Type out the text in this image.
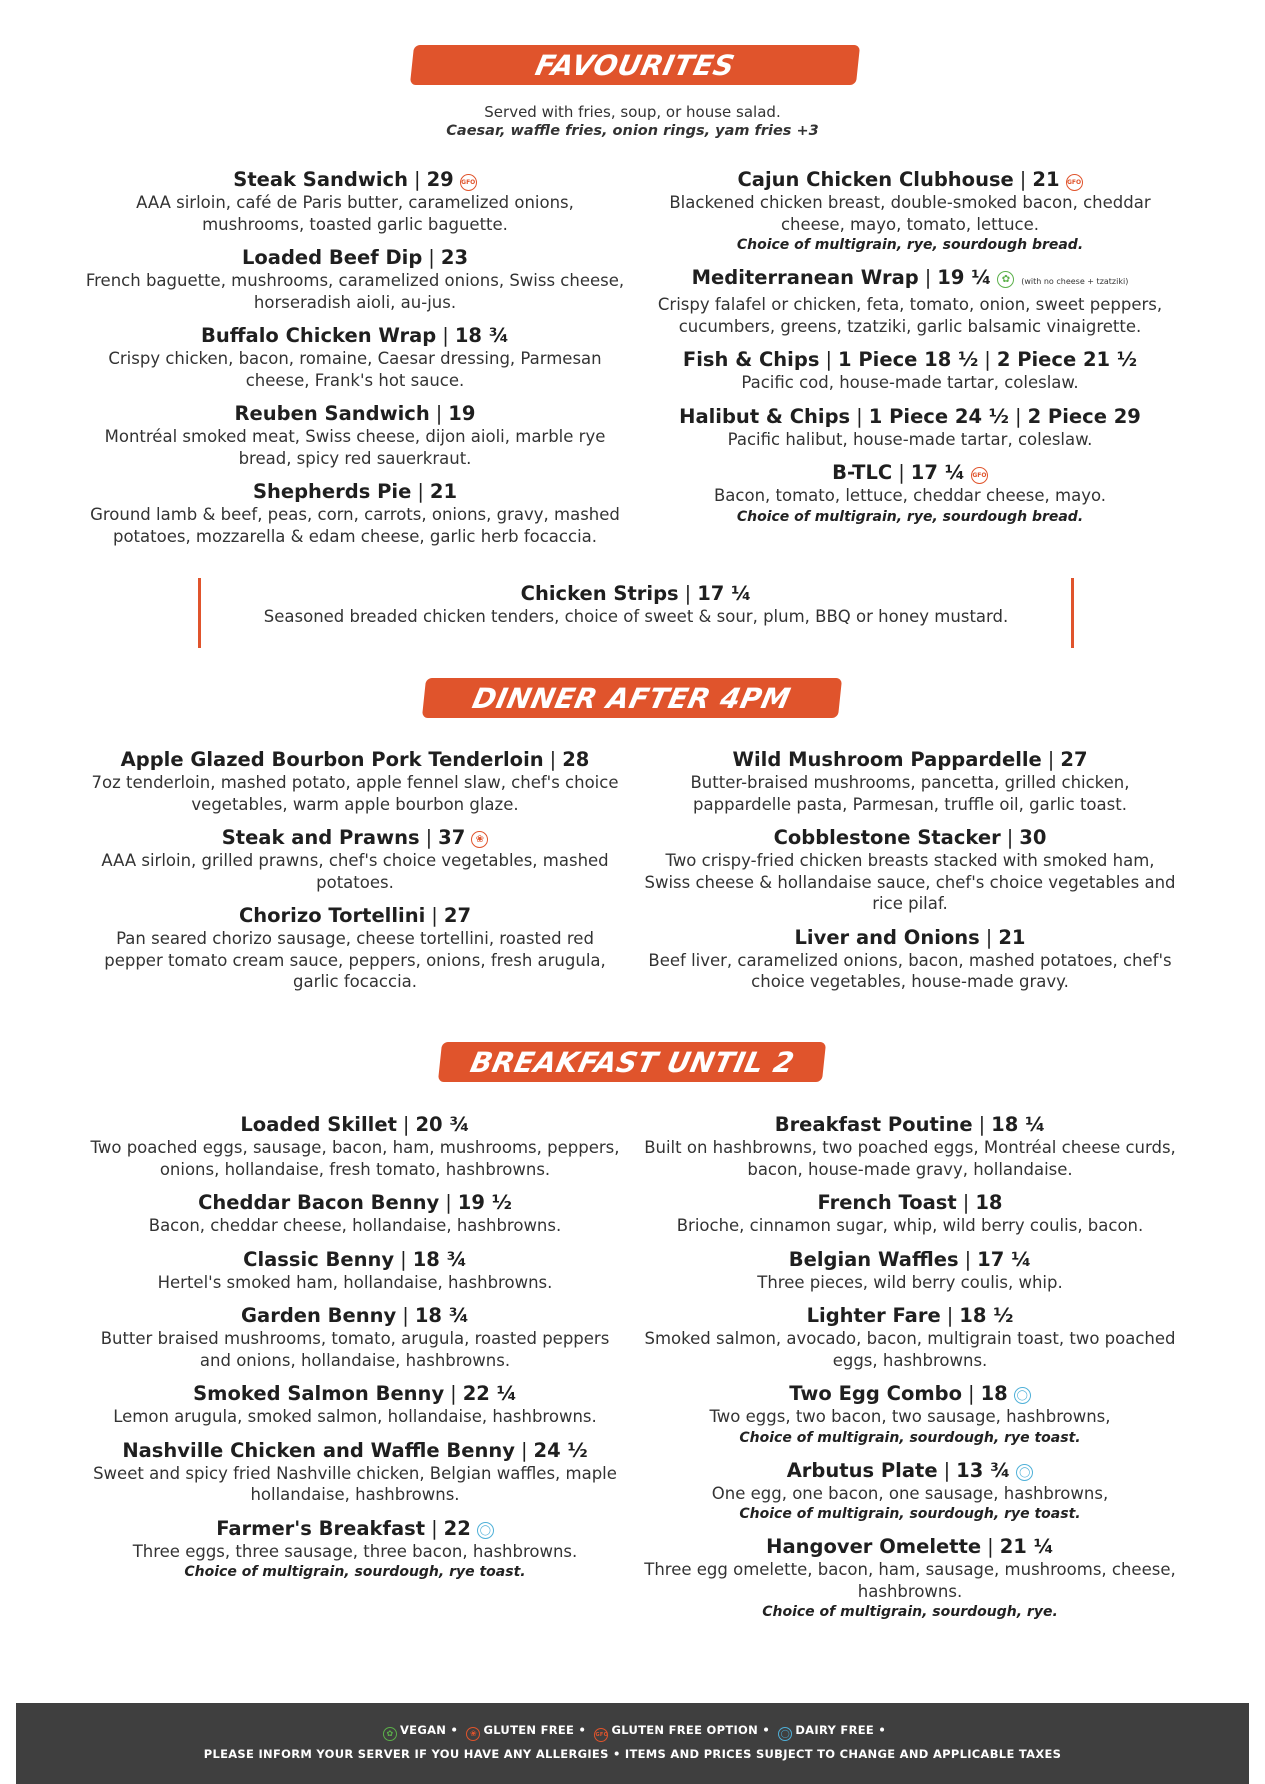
FAVOURITES
Served with fries, soup, or house salad.
Caesar, waffle fries, onion rings, yam fries +3
Steak Sandwich | 29 GFO
AAA sirloin, café de Paris butter, caramelized onions, mushrooms, toasted garlic baguette.
Loaded Beef Dip | 23
French baguette, mushrooms, caramelized onions, Swiss cheese, horseradish aioli, au-jus.
Buffalo Chicken Wrap | 18 ¾
Crispy chicken, bacon, romaine, Caesar dressing, Parmesan cheese, Frank's hot sauce.
Reuben Sandwich | 19
Montréal smoked meat, Swiss cheese, dijon aioli, marble rye bread, spicy red sauerkraut.
Shepherds Pie | 21
Ground lamb & beef, peas, corn, carrots, onions, gravy, mashed potatoes, mozzarella & edam cheese, garlic herb focaccia.
Cajun Chicken Clubhouse | 21 GFO
Blackened chicken breast, double-smoked bacon, cheddar cheese, mayo, tomato, lettuce.
Choice of multigrain, rye, sourdough bread.
Mediterranean Wrap | 19 ¼ ✿ (with no cheese + tzatziki)
Crispy falafel or chicken, feta, tomato, onion, sweet peppers, cucumbers, greens, tzatziki, garlic balsamic vinaigrette.
Fish & Chips | 1 Piece 18 ½ | 2 Piece 21 ½
Pacific cod, house-made tartar, coleslaw.
Halibut & Chips | 1 Piece 24 ½ | 2 Piece 29
Pacific halibut, house-made tartar, coleslaw.
B-TLC | 17 ¼ GFO
Bacon, tomato, lettuce, cheddar cheese, mayo.
Choice of multigrain, rye, sourdough bread.
Chicken Strips | 17 ¼
Seasoned breaded chicken tenders, choice of sweet & sour, plum, BBQ or honey mustard.
DINNER AFTER 4PM
Apple Glazed Bourbon Pork Tenderloin | 28
7oz tenderloin, mashed potato, apple fennel slaw, chef's choice vegetables, warm apple bourbon glaze.
Steak and Prawns | 37 ❀
AAA sirloin, grilled prawns, chef's choice vegetables, mashed potatoes.
Chorizo Tortellini | 27
Pan seared chorizo sausage, cheese tortellini, roasted red pepper tomato cream sauce, peppers, onions, fresh arugula, garlic focaccia.
Wild Mushroom Pappardelle | 27
Butter-braised mushrooms, pancetta, grilled chicken, pappardelle pasta, Parmesan, truffle oil, garlic toast.
Cobblestone Stacker | 30
Two crispy-fried chicken breasts stacked with smoked ham, Swiss cheese & hollandaise sauce, chef's choice vegetables and rice pilaf.
Liver and Onions | 21
Beef liver, caramelized onions, bacon, mashed potatoes, chef's choice vegetables, house-made gravy.
BREAKFAST UNTIL 2
Loaded Skillet | 20 ¾
Two poached eggs, sausage, bacon, ham, mushrooms, peppers, onions, hollandaise, fresh tomato, hashbrowns.
Cheddar Bacon Benny | 19 ½
Bacon, cheddar cheese, hollandaise, hashbrowns.
Classic Benny | 18 ¾
Hertel's smoked ham, hollandaise, hashbrowns.
Garden Benny | 18 ¾
Butter braised mushrooms, tomato, arugula, roasted peppers and onions, hollandaise, hashbrowns.
Smoked Salmon Benny | 22 ¼
Lemon arugula, smoked salmon, hollandaise, hashbrowns.
Nashville Chicken and Waffle Benny | 24 ½
Sweet and spicy fried Nashville chicken, Belgian waffles, maple hollandaise, hashbrowns.
Farmer's Breakfast | 22 ◯
Three eggs, three sausage, three bacon, hashbrowns.
Choice of multigrain, sourdough, rye toast.
Breakfast Poutine | 18 ¼
Built on hashbrowns, two poached eggs, Montréal cheese curds, bacon, house-made gravy, hollandaise.
French Toast | 18
Brioche, cinnamon sugar, whip, wild berry coulis, bacon.
Belgian Waffles | 17 ¼
Three pieces, wild berry coulis, whip.
Lighter Fare | 18 ½
Smoked salmon, avocado, bacon, multigrain toast, two poached eggs, hashbrowns.
Two Egg Combo | 18 ◯
Two eggs, two bacon, two sausage, hashbrowns,
Choice of multigrain, sourdough, rye toast.
Arbutus Plate | 13 ¾ ◯
One egg, one bacon, one sausage, hashbrowns,
Choice of multigrain, sourdough, rye toast.
Hangover Omelette | 21 ¼
Three egg omelette, bacon, ham, sausage, mushrooms, cheese, hashbrowns.
Choice of multigrain, sourdough, rye.
✿ VEGAN • ❀ GLUTEN FREE • GFO GLUTEN FREE OPTION • ◯ DAIRY FREE •
PLEASE INFORM YOUR SERVER IF YOU HAVE ANY ALLERGIES • ITEMS AND PRICES SUBJECT TO CHANGE AND APPLICABLE TAXES
